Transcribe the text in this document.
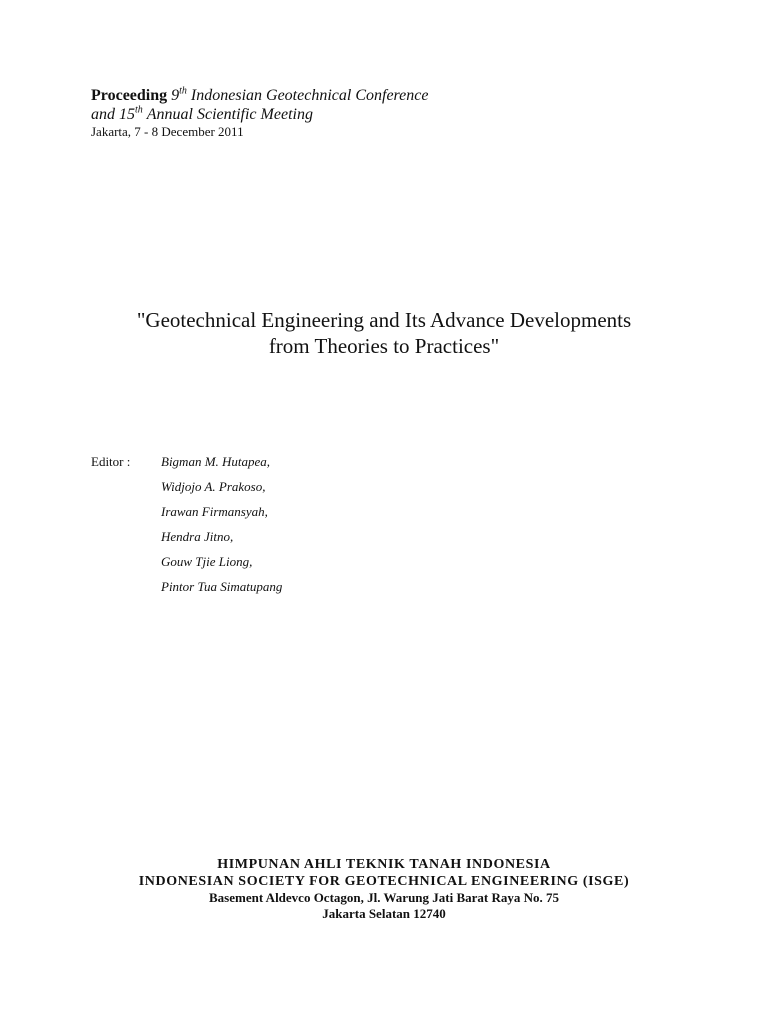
Proceeding 9th Indonesian Geotechnical Conference
and 15th Annual Scientific Meeting
Jakarta, 7 - 8 December 2011
"Geotechnical Engineering and Its Advance Developments
from Theories to Practices"
Editor : Bigman M. Hutapea,
Widjojo A. Prakoso,
Irawan Firmansyah,
Hendra Jitno,
Gouw Tjie Liong,
Pintor Tua Simatupang
HIMPUNAN AHLI TEKNIK TANAH INDONESIA
INDONESIAN SOCIETY FOR GEOTECHNICAL ENGINEERING (ISGE)
Basement Aldevco Octagon, Jl. Warung Jati Barat Raya No. 75
Jakarta Selatan 12740
